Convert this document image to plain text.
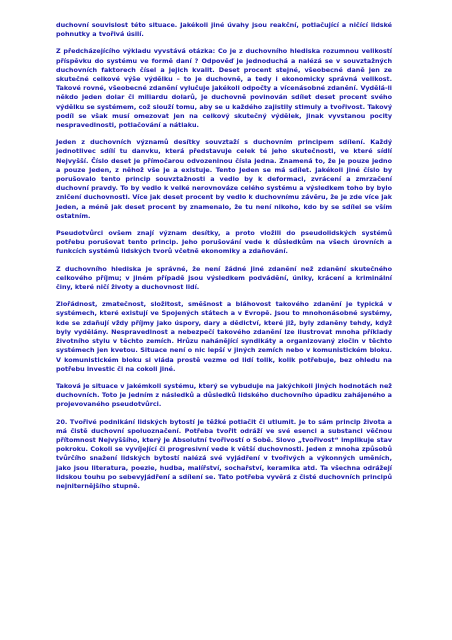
duchovní souvislost této situace. Jakékoli jiné úvahy jsou reakční, potlačující a ničící lidské pohnutky a tvořivá úsilí.

Z předcházejícího výkladu vyvstává otázka: Co je z duchovního hlediska rozumnou velikostí příspěvku do systému ve formě daní ? Odpověď je jednoduchá a nalézá se v souvztažných duchovních faktorech čísel a jejich kvalit. Deset procent stejné, všeobecné daně jen ze skutečné celkové výše výdělku – to je duchovně, a tedy i ekonomicky správná velikost. Takové rovné, všeobecné zdanění vylučuje jakékoli odpočty a vícenásobné zdanění. Vydělá-li někdo jeden dolar či miliardu dolarů, je duchovně povinován sdílet deset procent svého výdělku se systémem, což slouží tomu, aby se u každého zajistily stimuly a tvořivost. Takový podíl se však musí omezovat jen na celkový skutečný výdělek, jinak vyvstanou pocity nespravedlnosti, potlačování a nátlaku.

Jeden z duchovních významů desítky souvztaží s duchovním principem sdílení. Každý jednotlivec sdílí tu danvku, která představuje celek té jeho skutečnosti, ve které sídlí Nejvyšší. Číslo deset je přímočarou odvozeninou čísla jedna. Znamená to, že je pouze jedno a pouze Jeden, z něhož vše je a existuje. Tento Jeden se má sdílet. Jakékoli jiné číslo by porušovalo tento princip souvztažnosti a vedlo by k deformaci, zvrácení a zmrzačení duchovní pravdy. To by vedlo k velké nerovnováze celého systému a výsledkem toho by bylo zničení duchovnosti. Více jak deset procent by vedlo k duchovnímu závěru, že je zde více jak Jeden, a méně jak deset procent by znamenalo, že tu není nikoho, kdo by se sdílel se vším ostatním.

Pseudotvůrci ovšem znají význam desítky, a proto vložili do pseudolidských systémů potřebu porušovat tento princip. Jeho porušování vede k důsledkům na všech úrovních a funkcích systémů lidských tvorů včetně ekonomiky a zdaňování.

Z duchovního hlediska je správné, že není žádné jiné zdanění než zdanění skutečného celkového příjmu; v jiném případě jsou výsledkem podvádění, úniky, krácení a kriminální činy, které ničí životy a duchovnost lidí.

Zlořádnost, zmatečnost, složitost, směšnost a bláhovost takového zdanění je typická v systémech, které existují ve Spojených státech a v Evropě. Jsou to mnohonásobné systémy, kde se zdaňují vždy příjmy jako úspory, dary a dědictví, které již, byly zdaněny tehdy, když byly vydělány. Nespravedlnost a nebezpečí takového zdanění lze ilustrovat mnoha příklady životního stylu v těchto zemích. Hrůzu nahánějící syndikáty a organizovaný zločin v těchto systémech jen kvetou. Situace není o nic lepší v jiných zemích nebo v komunistickém bloku. V komunistickém bloku si vláda prostě vezme od lidí tolik, kolik potřebuje, bez ohledu na potřebu investic či na cokoli jiné.

Taková je situace v jakémkoli systému, který se vybuduje na jakýchkoli jiných hodnotách než duchovních. Toto je jedním z následků a důsledků lidského duchovního úpadku zahájeného a projevovaného pseudotvůrci.

20. Tvořivé podnikání lidských bytostí je těžké potlačit či utlumit. Je to sám princip života a má čistě duchovní spoluoznačení. Potřeba tvořit odráží ve své esenci a substanci věčnou přítomnost Nejvyššího, který je Absolutní tvořivostí o Sobě. Slovo „tvořivost“ implikuje stav pokroku. Cokoli se vyvíjející či progresivní vede k větší duchovnosti. Jeden z mnoha způsobů tvůrčího snažení lidských bytostí nalézá své vyjádření v tvořivých a výkonných uměních, jako jsou literatura, poezie, hudba, malířství, sochařství, keramika atd. Ta všechna odrážejí lidskou touhu po sebevyjádření a sdílení se. Tato potřeba vyvěrá z čisté duchovních principů nejniternějšího stupně.
